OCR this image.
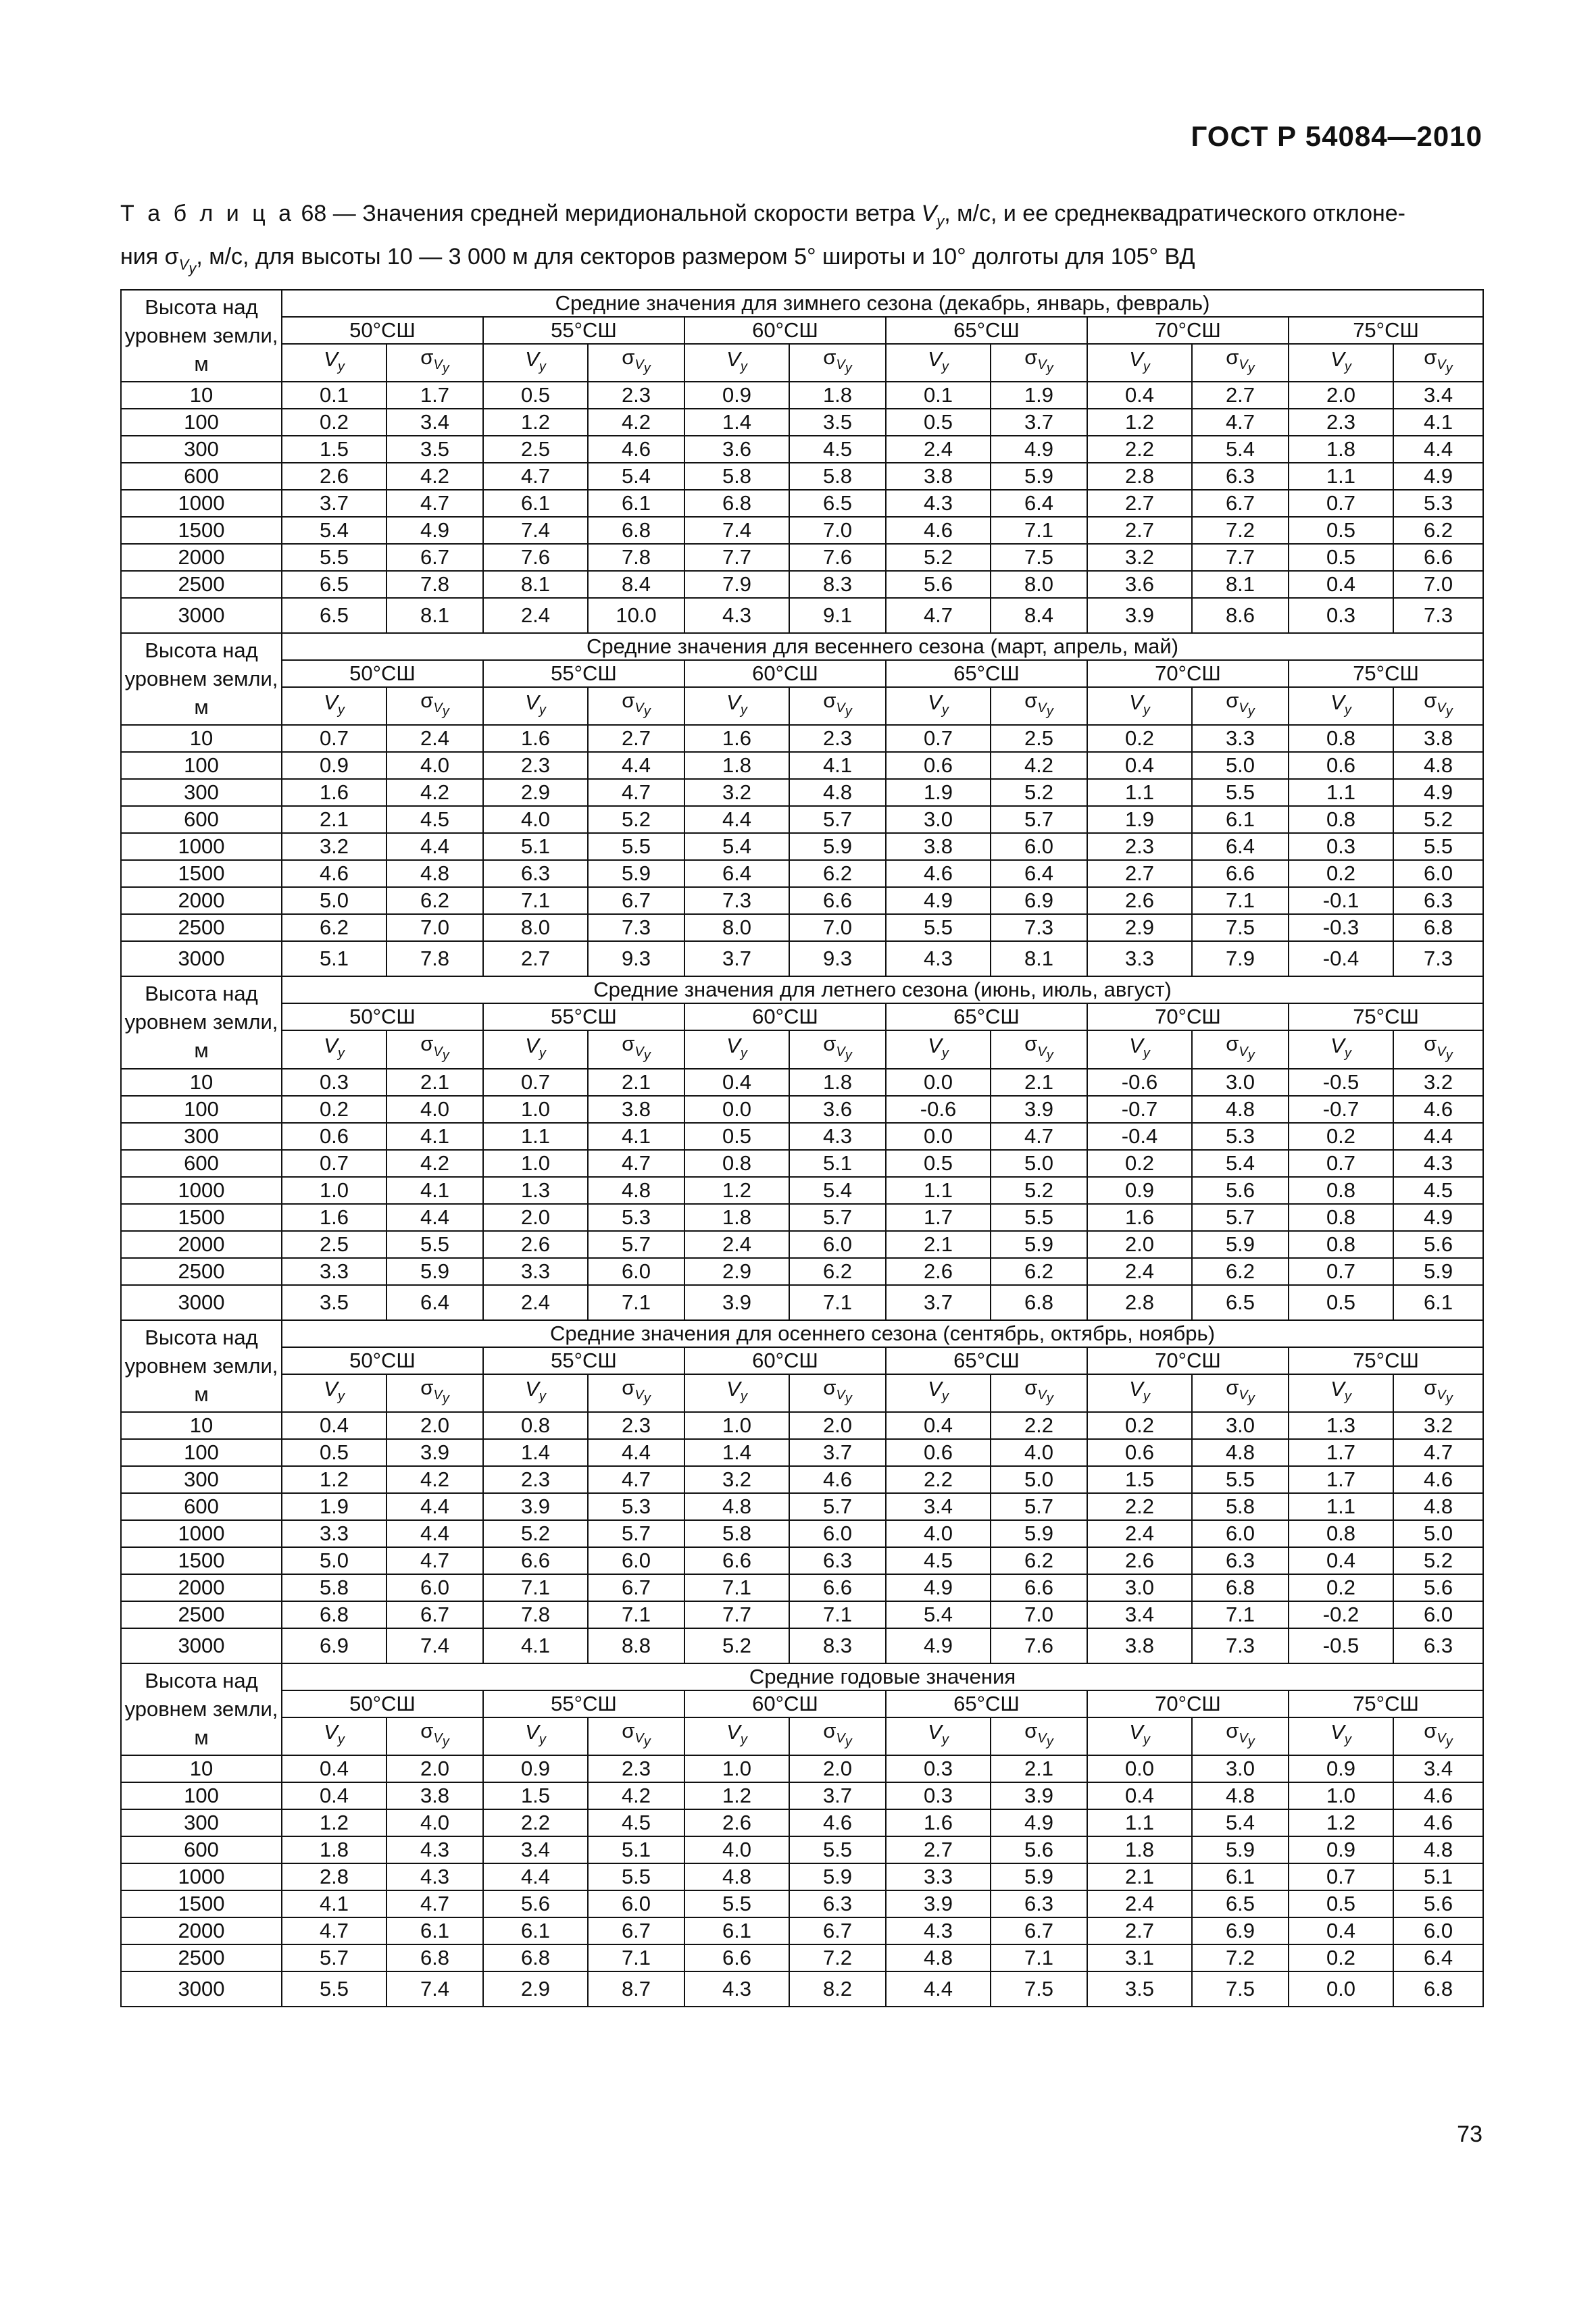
ГОСТ Р 54084—2010
Т а б л и ц а 68 — Значения средней меридиональной скорости ветра $V_y$, м/с, и ее среднеквадратического отклоне-
ния $\sigma_{V_y}$, м/с, для высоты 10 — 3 000 м для секторов размером 5° широты и 10° долготы для 105° ВД
Высота над уровнем земли, м	Средние значения для зимнего сезона (декабрь, январь, февраль)											
	50°СШ		55°СШ		60°СШ		65°СШ		70°СШ		75°СШ	
	$V_y$	$\sigma_{V_y}$	$V_y$	$\sigma_{V_y}$	$V_y$	$\sigma_{V_y}$	$V_y$	$\sigma_{V_y}$	$V_y$	$\sigma_{V_y}$	$V_y$	$\sigma_{V_y}$
10	0.1	1.7	0.5	2.3	0.9	1.8	0.1	1.9	0.4	2.7	2.0	3.4
100	0.2	3.4	1.2	4.2	1.4	3.5	0.5	3.7	1.2	4.7	2.3	4.1
300	1.5	3.5	2.5	4.6	3.6	4.5	2.4	4.9	2.2	5.4	1.8	4.4
600	2.6	4.2	4.7	5.4	5.8	5.8	3.8	5.9	2.8	6.3	1.1	4.9
1000	3.7	4.7	6.1	6.1	6.8	6.5	4.3	6.4	2.7	6.7	0.7	5.3
1500	5.4	4.9	7.4	6.8	7.4	7.0	4.6	7.1	2.7	7.2	0.5	6.2
2000	5.5	6.7	7.6	7.8	7.7	7.6	5.2	7.5	3.2	7.7	0.5	6.6
2500	6.5	7.8	8.1	8.4	7.9	8.3	5.6	8.0	3.6	8.1	0.4	7.0
3000	6.5	8.1	2.4	10.0	4.3	9.1	4.7	8.4	3.9	8.6	0.3	7.3
Высота над уровнем земли, м	Средние значения для весеннего сезона (март, апрель, май)											
	50°СШ		55°СШ		60°СШ		65°СШ		70°СШ		75°СШ	
	$V_y$	$\sigma_{V_y}$	$V_y$	$\sigma_{V_y}$	$V_y$	$\sigma_{V_y}$	$V_y$	$\sigma_{V_y}$	$V_y$	$\sigma_{V_y}$	$V_y$	$\sigma_{V_y}$
10	0.7	2.4	1.6	2.7	1.6	2.3	0.7	2.5	0.2	3.3	0.8	3.8
100	0.9	4.0	2.3	4.4	1.8	4.1	0.6	4.2	0.4	5.0	0.6	4.8
300	1.6	4.2	2.9	4.7	3.2	4.8	1.9	5.2	1.1	5.5	1.1	4.9
600	2.1	4.5	4.0	5.2	4.4	5.7	3.0	5.7	1.9	6.1	0.8	5.2
1000	3.2	4.4	5.1	5.5	5.4	5.9	3.8	6.0	2.3	6.4	0.3	5.5
1500	4.6	4.8	6.3	5.9	6.4	6.2	4.6	6.4	2.7	6.6	0.2	6.0
2000	5.0	6.2	7.1	6.7	7.3	6.6	4.9	6.9	2.6	7.1	-0.1	6.3
2500	6.2	7.0	8.0	7.3	8.0	7.0	5.5	7.3	2.9	7.5	-0.3	6.8
3000	5.1	7.8	2.7	9.3	3.7	9.3	4.3	8.1	3.3	7.9	-0.4	7.3
Высота над уровнем земли, м	Средние значения для летнего сезона (июнь, июль, август)											
	50°СШ		55°СШ		60°СШ		65°СШ		70°СШ		75°СШ	
	$V_y$	$\sigma_{V_y}$	$V_y$	$\sigma_{V_y}$	$V_y$	$\sigma_{V_y}$	$V_y$	$\sigma_{V_y}$	$V_y$	$\sigma_{V_y}$	$V_y$	$\sigma_{V_y}$
10	0.3	2.1	0.7	2.1	0.4	1.8	0.0	2.1	-0.6	3.0	-0.5	3.2
100	0.2	4.0	1.0	3.8	0.0	3.6	-0.6	3.9	-0.7	4.8	-0.7	4.6
300	0.6	4.1	1.1	4.1	0.5	4.3	0.0	4.7	-0.4	5.3	0.2	4.4
600	0.7	4.2	1.0	4.7	0.8	5.1	0.5	5.0	0.2	5.4	0.7	4.3
1000	1.0	4.1	1.3	4.8	1.2	5.4	1.1	5.2	0.9	5.6	0.8	4.5
1500	1.6	4.4	2.0	5.3	1.8	5.7	1.7	5.5	1.6	5.7	0.8	4.9
2000	2.5	5.5	2.6	5.7	2.4	6.0	2.1	5.9	2.0	5.9	0.8	5.6
2500	3.3	5.9	3.3	6.0	2.9	6.2	2.6	6.2	2.4	6.2	0.7	5.9
3000	3.5	6.4	2.4	7.1	3.9	7.1	3.7	6.8	2.8	6.5	0.5	6.1
Высота над уровнем земли, м	Средние значения для осеннего сезона (сентябрь, октябрь, ноябрь)											
	50°СШ		55°СШ		60°СШ		65°СШ		70°СШ		75°СШ	
	$V_y$	$\sigma_{V_y}$	$V_y$	$\sigma_{V_y}$	$V_y$	$\sigma_{V_y}$	$V_y$	$\sigma_{V_y}$	$V_y$	$\sigma_{V_y}$	$V_y$	$\sigma_{V_y}$
10	0.4	2.0	0.8	2.3	1.0	2.0	0.4	2.2	0.2	3.0	1.3	3.2
100	0.5	3.9	1.4	4.4	1.4	3.7	0.6	4.0	0.6	4.8	1.7	4.7
300	1.2	4.2	2.3	4.7	3.2	4.6	2.2	5.0	1.5	5.5	1.7	4.6
600	1.9	4.4	3.9	5.3	4.8	5.7	3.4	5.7	2.2	5.8	1.1	4.8
1000	3.3	4.4	5.2	5.7	5.8	6.0	4.0	5.9	2.4	6.0	0.8	5.0
1500	5.0	4.7	6.6	6.0	6.6	6.3	4.5	6.2	2.6	6.3	0.4	5.2
2000	5.8	6.0	7.1	6.7	7.1	6.6	4.9	6.6	3.0	6.8	0.2	5.6
2500	6.8	6.7	7.8	7.1	7.7	7.1	5.4	7.0	3.4	7.1	-0.2	6.0
3000	6.9	7.4	4.1	8.8	5.2	8.3	4.9	7.6	3.8	7.3	-0.5	6.3
Высота над уровнем земли, м	Средние годовые значения											
	50°СШ		55°СШ		60°СШ		65°СШ		70°СШ		75°СШ	
	$V_y$	$\sigma_{V_y}$	$V_y$	$\sigma_{V_y}$	$V_y$	$\sigma_{V_y}$	$V_y$	$\sigma_{V_y}$	$V_y$	$\sigma_{V_y}$	$V_y$	$\sigma_{V_y}$
10	0.4	2.0	0.9	2.3	1.0	2.0	0.3	2.1	0.0	3.0	0.9	3.4
100	0.4	3.8	1.5	4.2	1.2	3.7	0.3	3.9	0.4	4.8	1.0	4.6
300	1.2	4.0	2.2	4.5	2.6	4.6	1.6	4.9	1.1	5.4	1.2	4.6
600	1.8	4.3	3.4	5.1	4.0	5.5	2.7	5.6	1.8	5.9	0.9	4.8
1000	2.8	4.3	4.4	5.5	4.8	5.9	3.3	5.9	2.1	6.1	0.7	5.1
1500	4.1	4.7	5.6	6.0	5.5	6.3	3.9	6.3	2.4	6.5	0.5	5.6
2000	4.7	6.1	6.1	6.7	6.1	6.7	4.3	6.7	2.7	6.9	0.4	6.0
2500	5.7	6.8	6.8	7.1	6.6	7.2	4.8	7.1	3.1	7.2	0.2	6.4
3000	5.5	7.4	2.9	8.7	4.3	8.2	4.4	7.5	3.5	7.5	0.0	6.8
73
